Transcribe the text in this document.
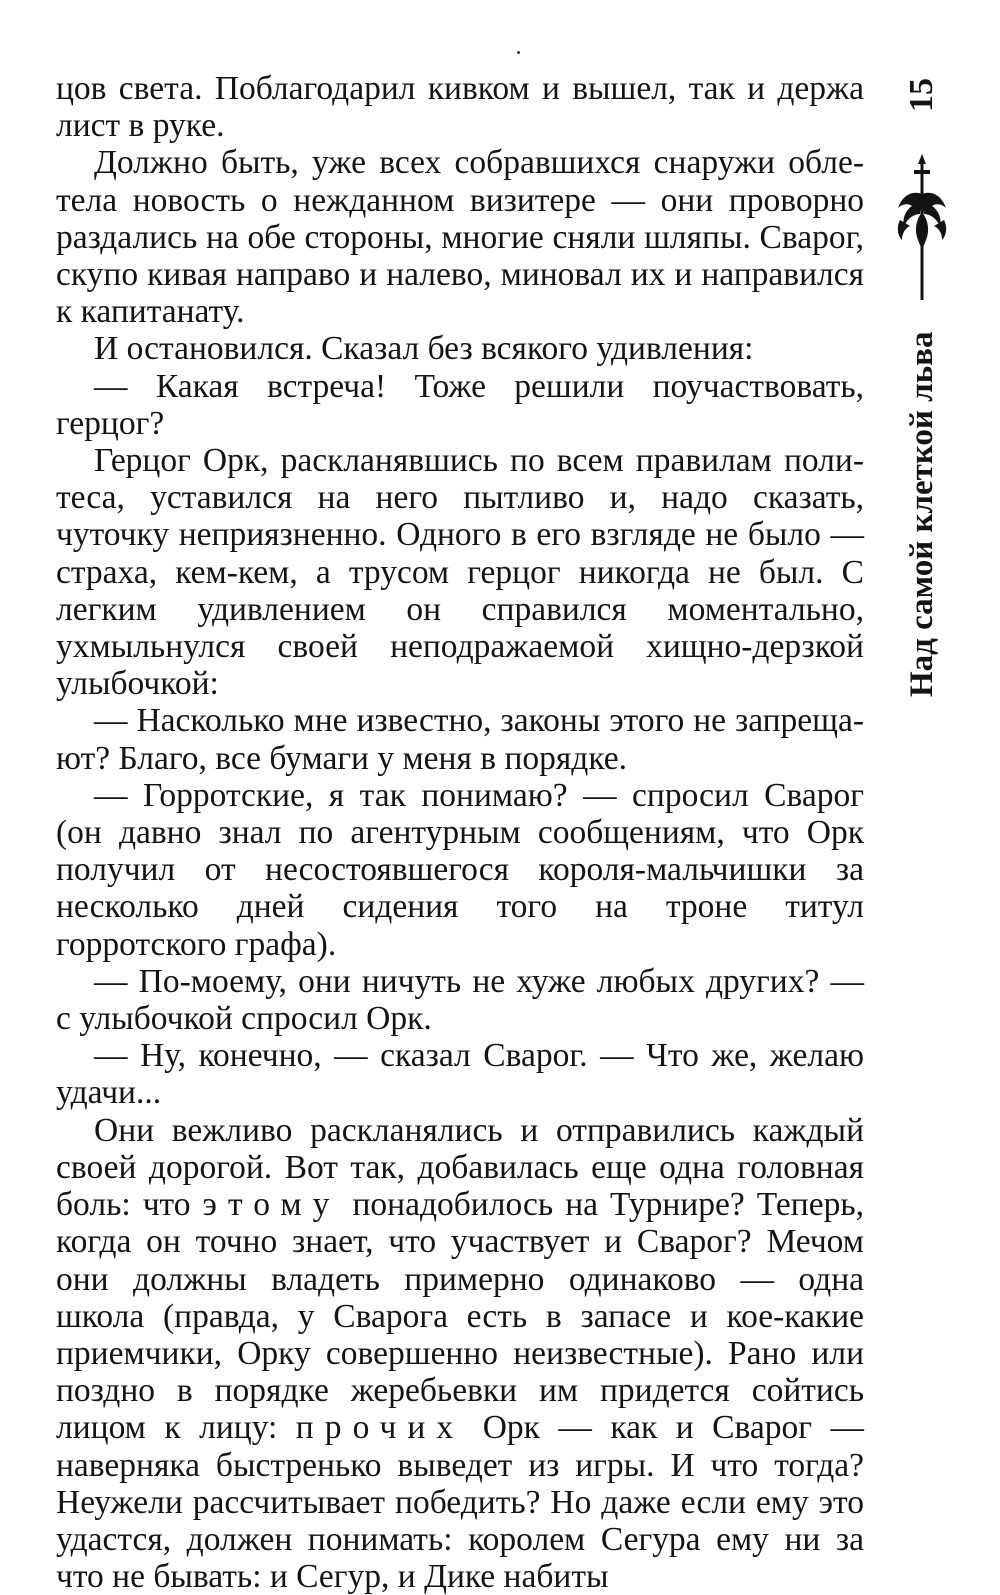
цов света. Поблагодарил кивком и вышел, так и держа лист в руке.

Должно быть, уже всех собравшихся снаружи облетела новость о нежданном визитере — они проворно раздались на обе стороны, многие сняли шляпы. Сварог, скупо кивая направо и налево, миновал их и направился к капитанату.

И остановился. Сказал без всякого удивления:

— Какая встреча! Тоже решили поучаствовать, герцог?

Герцог Орк, раскланявшись по всем правилам политеса, уставился на него пытливо и, надо сказать, чуточку неприязненно. Одного в его взгляде не было — страха, кем-кем, а трусом герцог никогда не был. С легким удивлением он справился моментально, ухмыльнулся своей неподражаемой хищно-дерзкой улыбочкой:

— Насколько мне известно, законы этого не запрещают? Благо, все бумаги у меня в порядке.

— Горротские, я так понимаю? — спросил Сварог (он давно знал по агентурным сообщениям, что Орк получил от несостоявшегося короля-мальчишки за несколько дней сидения того на троне титул горротского графа).

— По-моему, они ничуть не хуже любых других? — с улыбочкой спросил Орк.

— Ну, конечно, — сказал Сварог. — Что же, желаю удачи...

Они вежливо раскланялись и отправились каждый своей дорогой. Вот так, добавилась еще одна головная боль: что этому понадобилось на Турнире? Теперь, когда он точно знает, что участвует и Сварог? Мечом они должны владеть примерно одинаково — одна школа (правда, у Сварога есть в запасе и кое-какие приемчики, Орку совершенно неизвестные). Рано или поздно в порядке жеребьевки им придется сойтись лицом к лицу: прочих Орк — как и Сварог — наверняка быстренько выведет из игры. И что тогда? Неужели рассчитывает победить? Но даже если ему это удастся, должен понимать: королем Сегура ему ни за что не бывать: и Сегур, и Дике набиты

15
Над самой клеткой льва
